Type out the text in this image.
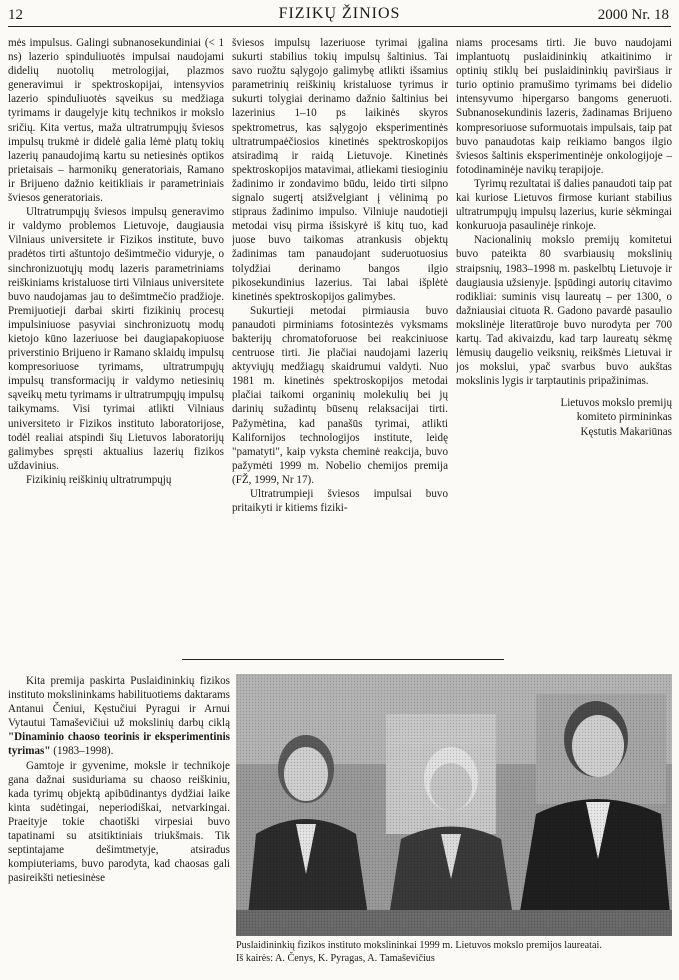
12	FIZIKŲ ŽINIOS	2000 Nr. 18

mės impulsus. Galingi subnanosekundiniai (< 1 ns) lazerio spinduliuotės impulsai naudojami didelių nuotolių metrologijai, plazmos generavimui ir spektroskopijai, intensyvios lazerio spinduliuotės sąveikus su medžiaga tyrimams ir daugelyje kitų technikos ir mokslo sričių. Kita vertus, maža ultratrumpųjų šviesos impulsų trukmė ir didelė galia lėmė platų tokių lazerių panaudojimą kartu su netiesinės optikos prietaisais – harmonikų generatoriais, Ramano ir Brijueno dažnio keitikliais ir parametriniais šviesos generatoriais.

Ultratrumpųjų šviesos impulsų generavimo ir valdymo problemos Lietuvoje, daugiausia Vilniaus universitete ir Fizikos institute, buvo pradėtos tirti aštuntojo dešimtmečio viduryje, o sinchronizuotųjų modų lazeris parametriniams reiškiniams kristaluose tirti Vilniaus universitete buvo naudojamas jau to dešimtmečio pradžioje. Premijuotieji darbai skirti fizikinių procesų impulsiniuose pasyviai sinchronizuotų modų kietojo kūno lazeriuose bei daugiapakopiuose priverstinio Brijueno ir Ramano sklaidų impulsų kompresoriuose tyrimams, ultratrumpųjų impulsų transformacijų ir valdymo netiesinių sąveikų metu tyrimams ir ultratrumpųjų impulsų taikymams. Visi tyrimai atlikti Vilniaus universiteto ir Fizikos instituto laboratorijose, todėl realiai atspindi šių Lietuvos laboratorijų galimybes spręsti aktualius lazerių fizikos uždavinius.

Fizikinių reiškinių ultratrumpųjų

šviesos impulsų lazeriuose tyrimai įgalina sukurti stabilius tokių impulsų šaltinius. Tai savo ruožtu sąlygojo galimybę atlikti išsamius parametrinių reiškinių kristaluose tyrimus ir sukurti tolygiai derinamo dažnio šaltinius bei lazerinius 1–10 ps laikinės skyros spektrometrus, kas sąlygojo eksperimentinės ultratrumpaėčiosios kinetinės spektroskopijos atsiradimą ir raidą Lietuvoje. Kinetinės spektroskopijos matavimai, atliekami tiesioginiu žadinimo ir zondavimo būdu, leido tirti silpno signalo sugertį atsižvelgiant į vėlinimą po stipraus žadinimo impulso. Vilniuje naudotieji metodai visų pirma išsiskyrė iš kitų tuo, kad juose buvo taikomas atrankusis objektų žadinimas tam panaudojant suderuotuosius tolydžiai derinamo bangos ilgio pikosekundinius lazerius. Tai labai išplėtė kinetinės spektroskopijos galimybes.

Sukurtieji metodai pirmiausia buvo panaudoti pirminiams fotosintezės vyksmams bakterijų chromatoforuose bei reakciniuose centruose tirti. Jie plačiai naudojami lazerių aktyviųjų medžiagų skaidrumui valdyti. Nuo 1981 m. kinetinės spektroskopijos metodai plačiai taikomi organinių molekulių bei jų darinių sužadintų būsenų relaksacijai tirti. Pažymėtina, kad panašūs tyrimai, atlikti Kalifornijos technologijos institute, leidę "pamatyti", kaip vyksta cheminė reakcija, buvo pažymėti 1999 m. Nobelio chemijos premija (FŽ, 1999, Nr 17).

Ultratrumpieji šviesos impulsai buvo pritaikyti ir kitiems fiziki-

niams procesams tirti. Jie buvo naudojami implantuotų puslaidininkių atkaitinimo ir optinių stiklų bei puslaidininkių paviršiaus ir turio optinio pramušimo tyrimams bei didelio intensyvumo hipergarso bangoms generuoti. Subnanosekundinis lazeris, žadinamas Brijueno kompresoriuose suformuotais impulsais, taip pat buvo panaudotas kaip reikiamo bangos ilgio šviesos šaltinis eksperimentinėje onkologijoje – fotodinaminėje navikų terapijoje.

Tyrimų rezultatai iš dalies panaudoti taip pat kai kuriose Lietuvos firmose kuriant stabilius ultratrumpųjų impulsų lazerius, kurie sėkmingai konkuruoja pasaulinėje rinkoje.

Nacionalinių mokslo premijų komitetui buvo pateikta 80 svarbiausių mokslinių straipsnių, 1983–1998 m. paskelbtų Lietuvoje ir daugiausia užsienyje. Įspūdingi autorių citavimo rodikliai: suminis visų laureatų – per 1300, o dažniausiai cituota R. Gadono pavardė pasaulio mokslinėje literatūroje buvo nurodyta per 700 kartų. Tad akivaizdu, kad tarp laureatų sėkmę lėmusių daugelio veiksnių, reikšmės Lietuvai ir jos mokslui, ypač svarbus buvo aukštas mokslinis lygis ir tarptautinis pripažinimas.

Lietuvos mokslo premijų
komiteto pirmininkas
Kęstutis Makariūnas

Kita premija paskirta Puslaidininkių fizikos instituto mokslininkams habilituotiems daktarams Antanui Čeniui, Kęstučiui Pyragui ir Arnui Vytautui Tamaševičiui už mokslinių darbų ciklą "Dinaminio chaoso teorinis ir eksperimentinis tyrimas" (1983–1998).

Gamtoje ir gyvenime, moksle ir technikoje gana dažnai susiduriama su chaoso reiškiniu, kada tyrimų objektą apibūdinantys dydžiai laike kinta sudėtingai, neperiodiškai, netvarkingai. Praeityje tokie chaotiški virpesiai buvo tapatinami su atsitiktiniais triukšmais. Tik septintajame dešimtmetyje, atsiradus kompiuteriams, buvo parodyta, kad chaosas gali pasireikšti netiesinėse

Puslaidininkių fizikos instituto mokslininkai 1999 m. Lietuvos mokslo premijos laureatai.
Iš kairės: A. Čenys, K. Pyragas, A. Tamaševičius
